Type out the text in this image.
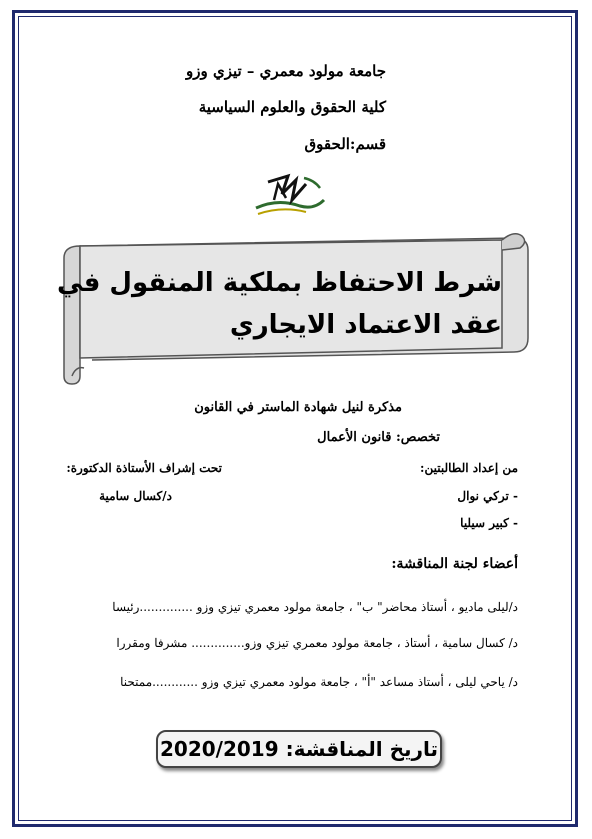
جامعة مولود معمري – تيزي وزو
كلية الحقوق والعلوم السياسية
قسم:الحقوق
شرط الاحتفاظ بملكية المنقول في
عقد الاعتماد الايجاري
مذكرة لنيل شهادة الماستر في القانون
تخصص: قانون الأعمال
من إعداد الطالبتين:
- تركي نوال
- كبير سيليا
تحت إشراف الأستاذة الدكتورة:
د/كسال سامية
أعضاء لجنة المناقشة:
د/ليلى ماديو ، أستاذ محاضر" ب" ، جامعة مولود معمري تيزي وزو ..............رئيسا
د/ كسال سامية ، أستاذ ، جامعة مولود معمري تيزي وزو.............. مشرفا ومقررا
د/ ياحي ليلى ، أستاذ مساعد "أ" ، جامعة مولود معمري تيزي وزو ............ممتحنا
تاريخ المناقشة: 2020/2019
